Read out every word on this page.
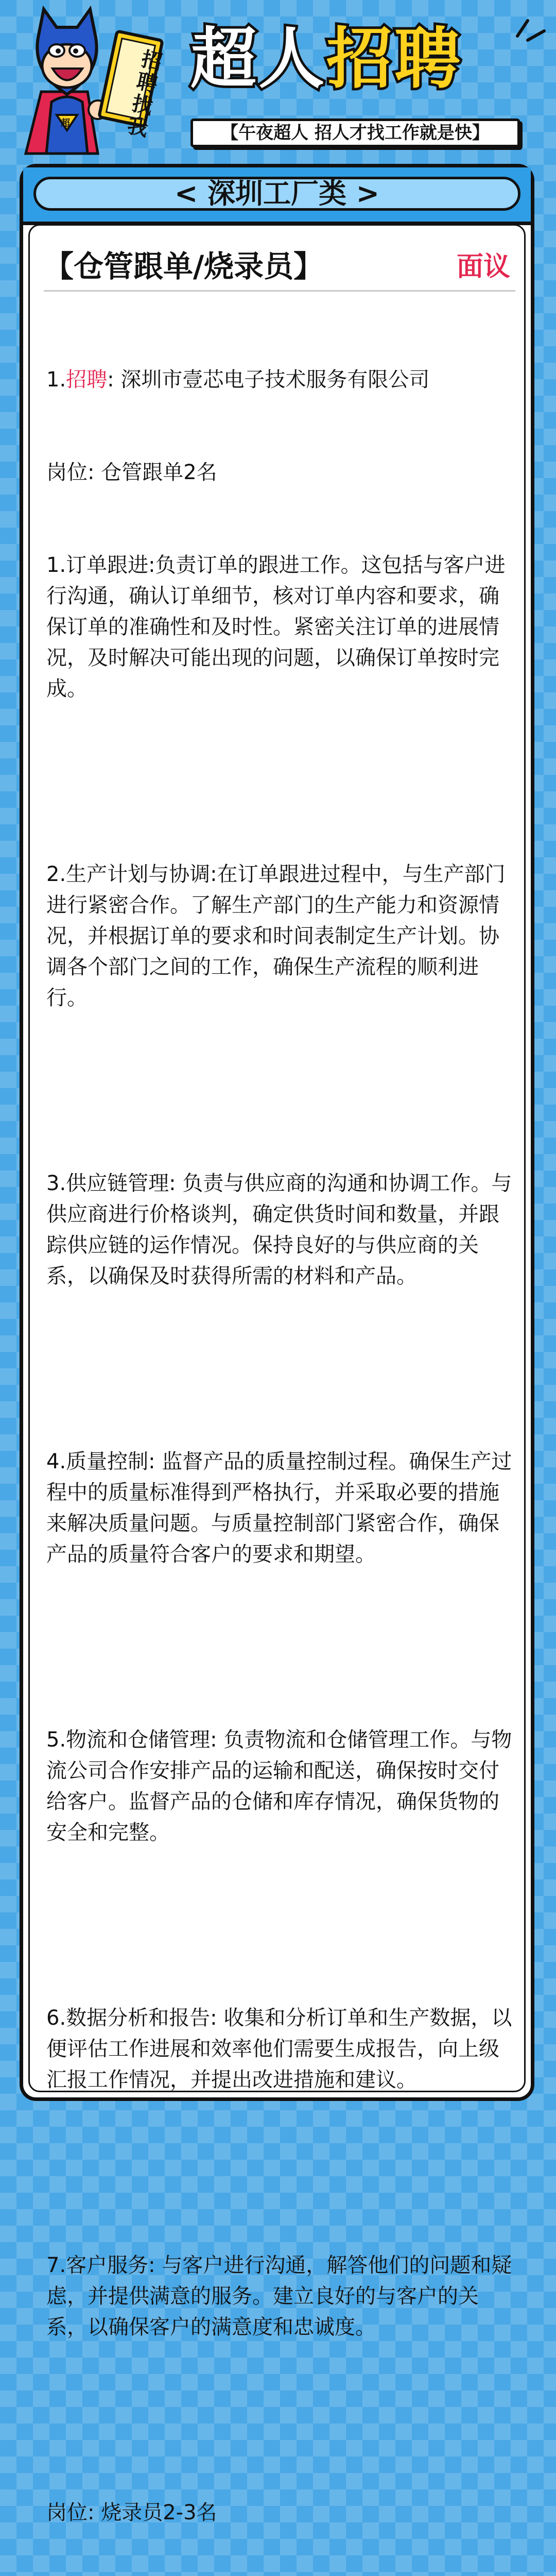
招聘找我
超
超人招聘
【午夜超人 招人才找工作就是快】
< 深圳工厂类 >
【仓管跟单/烧录员】	面议

1.招聘: 深圳市壹芯电子技术服务有限公司

岗位: 仓管跟单2名

1.订单跟进:负责订单的跟进工作。这包括与客户进行沟通，确认订单细节，核对订单内容和要求，确保订单的准确性和及时性。紧密关注订单的进展情况，及时解决可能出现的问题，以确保订单按时完成。

2.生产计划与协调:在订单跟进过程中，与生产部门进行紧密合作。了解生产部门的生产能力和资源情况，并根据订单的要求和时间表制定生产计划。协调各个部门之间的工作，确保生产流程的顺利进行。

3.供应链管理: 负责与供应商的沟通和协调工作。与供应商进行价格谈判，确定供货时间和数量，并跟踪供应链的运作情况。保持良好的与供应商的关系，以确保及时获得所需的材料和产品。

4.质量控制: 监督产品的质量控制过程。确保生产过程中的质量标准得到严格执行，并采取必要的措施来解决质量问题。与质量控制部门紧密合作，确保产品的质量符合客户的要求和期望。

5.物流和仓储管理: 负责物流和仓储管理工作。与物流公司合作安排产品的运输和配送，确保按时交付给客户。监督产品的仓储和库存情况，确保货物的安全和完整。

6.数据分析和报告: 收集和分析订单和生产数据，以便评估工作进展和效率他们需要生成报告，向上级汇报工作情况，并提出改进措施和建议。

7.客户服务: 与客户进行沟通，解答他们的问题和疑虑，并提供满意的服务。建立良好的与客户的关系，以确保客户的满意度和忠诚度。

岗位: 烧录员2-3名
